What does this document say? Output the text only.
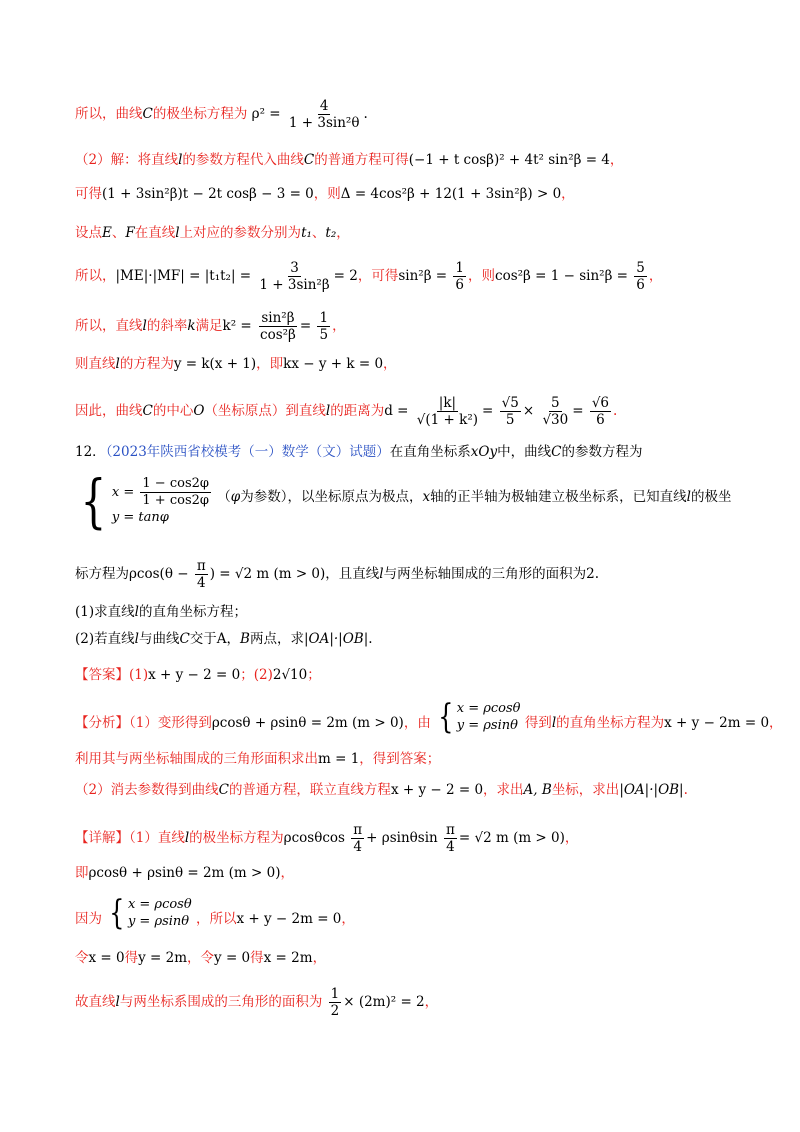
所以，曲线C的极坐标方程为 $\rho^2 = \frac{4}{\text{1 + 3sin²θ}}$ .
（2）解：将直线l的参数方程代入曲线C的普通方程可得(−1 + t cosβ)² + 4t² sin²β = 4，
可得(1 + 3sin²β)t − 2t cosβ − 3 = 0，则Δ = 4cos²β + 12(1 + 3sin²β) > 0，
设点E、F在直线l上对应的参数分别为t₁、t₂，
所以，$|ME|\cdot|MF| = |t_1t_2| = \frac{3}{\text{1 + 3sin²β}} = 2$，可得$\sin^2\beta = \frac{1}{6}$ ，则$\cos^2\beta = 1 - \sin^2\beta = \frac{5}{6}$ ，
所以，直线l的斜率k满足$k^2 = \frac{\text{sin²β}}{\text{cos²β}} = \frac{1}{5}$ ，
则直线l的方程为y = k(x + 1)，即kx − y + k = 0，
因此，曲线C的中心O（坐标原点）到直线l的距离为$d = \frac{|k|}{\text{√(1 + k²)}} = \frac{√5}{5} \times \frac{5}{√30} = \frac{√6}{6}$ .
12．（2023年陕西省校模考（一）数学（文）试题）在直角坐标系xOy中，曲线C的参数方程为
{ $x = \frac{1 - \cos 2\varphi}{1 + \cos 2\varphi}$
y = tanφ
（φ为参数），以坐标原点为极点，x轴的正半轴为极轴建立极坐标系，已知直线l的极坐
标方程为$\rho\cos(\theta - \frac{\pi}{4}$ ) = √2 m (m > 0)，且直线l与两坐标轴围成的三角形的面积为2.
(1)求直线l的直角坐标方程；
(2)若直线l与曲线C交于A，B两点，求|OA|·|OB|.
【答案】(1)x + y − 2 = 0；(2)2√10；
【分析】（1）变形得到ρcosθ + ρsinθ = 2m (m > 0)，由 { x = ρcosθ
y = ρsinθ 得到l的直角坐标方程为x + y − 2m = 0，
利用其与两坐标轴围成的三角形面积求出m = 1，得到答案；
（2）消去参数得到曲线C的普通方程，联立直线方程x + y − 2 = 0，求出A, B坐标，求出|OA|·|OB|.
【详解】（1）直线l的极坐标方程为ρcosθcos $\frac{\pi}{4} + \rho\sin\theta\sin \frac{\pi}{4} = √2$ m (m > 0)，
即ρcosθ + ρsinθ = 2m (m > 0)，
因为 { x = ρcosθ
y = ρsinθ ，所以x + y − 2m = 0，
令x = 0得y = 2m，令y = 0得x = 2m，
故直线l与两坐标系围成的三角形的面积为 $\frac{1}{2} \times (2m)^2 = 2$，
